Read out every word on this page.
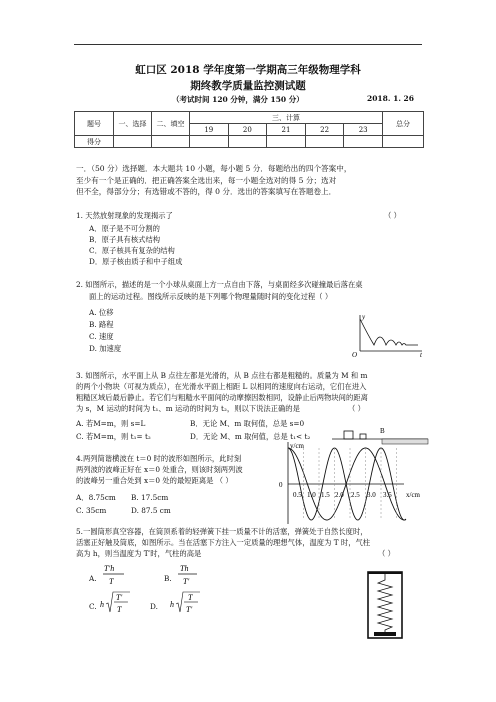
虹口区 2018 学年度第一学期高三年级物理学科
期终教学质量监控测试题
（考试时间 120 分钟，满分 150 分）	2018. 1. 26
题号	一、选择	二、填空	三、计算					总分
			19	20	21	22	23	
得分								
一．（50 分）选择题．本大题共 10 小题，每小题 5 分．每题给出的四个答案中，
至少有一个是正确的．把正确答案全选出来，每一小题全选对的得 5 分；选对
但不全，得部分分；有选错或不答的，得 0 分．选出的答案填写在答题卷上．
1. 天然放射现象的发现揭示了	（ ）
A．原子是不可分割的
B．原子具有核式结构
C．原子核具有复杂的结构
D．原子核由质子和中子组成
2. 如图所示，描述的是一个小球从桌面上方一点自由下落，与桌面经多次碰撞最后落在桌
面上的运动过程。图线所示反映的是下列哪个物理量随时间的变化过程（ ）
A. 位移
B. 路程
C. 速度
D. 加速度
y
O	t
3. 如图所示，水平面上从 B 点往左都是光滑的，从 B 点往右都是粗糙的。质量为 M 和 m
的两个小物块（可视为质点），在光滑水平面上相距 L 以相同的速度向右运动，它们在进入
粗糙区域后最后静止。若它们与粗糙水平面间的动摩擦因数相同，设静止后两物块间的距离
为 s，M 运动的时间为 t₁、m 运动的时间为 t₂，则以下说法正确的是	（ ）
A. 若M=m，则 s=L	B．无论 M、m 取何值，总是 s=0
C. 若M=m，则 t₁= t₂	D．无论 M、m 取何值，总是 t₁< t₂
B
4.两列简谐横波在 t＝0 时的波形如图所示，此时刻
两列波的波峰正好在 x＝0 处重合，则该时刻两列波
的波峰另一重合处到 x＝0 处的最短距离是 （ ）
A．8.75cm B. 17.5cm
C. 35cm	D. 87.5 cm
y/cm
0
x/cm
0.5 1.0 1.5 2.0 2.5 3.0 3.5
5.一圆筒形真空容器，在筒顶系着的轻弹簧下挂一质量不计的活塞，弹簧处于自然长度时，
活塞正好触及筒底，如图所示。当在活塞下方注入一定质量的理想气体，温度为 T 时，气柱
高为 h，则当温度为 T′时，气柱的高是	（ ）
A.
T′h
T	B.
Th
T′
C. h
T′
T	D. h
T
T′
